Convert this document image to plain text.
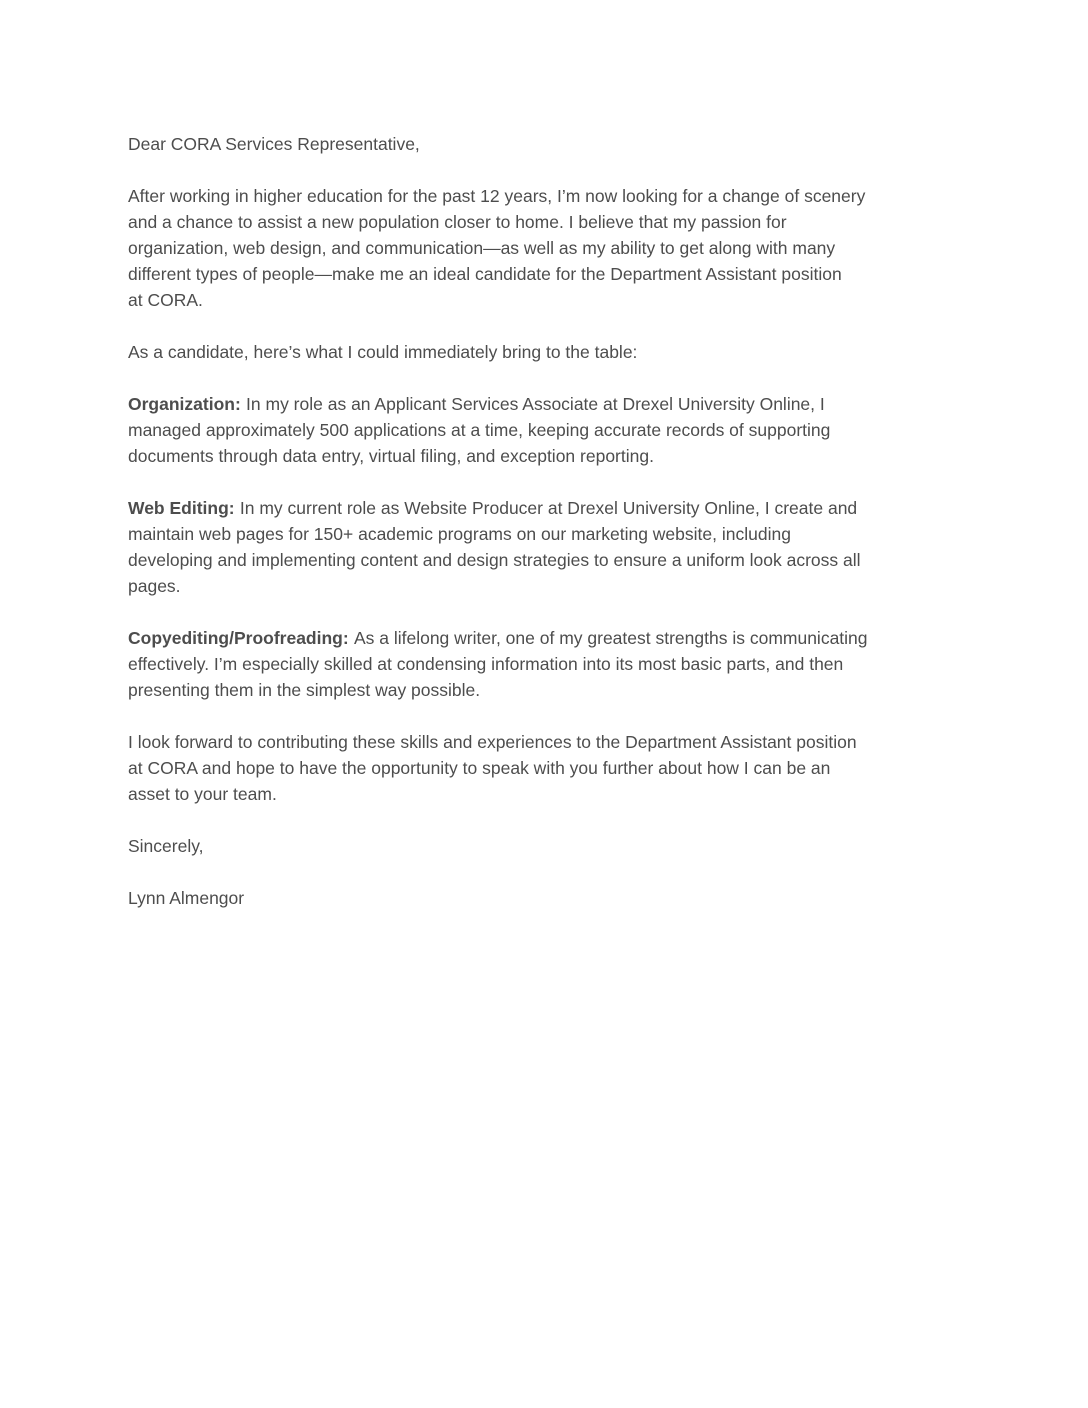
Dear CORA Services Representative,

After working in higher education for the past 12 years, I’m now looking for a change of scenery
and a chance to assist a new population closer to home. I believe that my passion for
organization, web design, and communication—as well as my ability to get along with many
different types of people—make me an ideal candidate for the Department Assistant position
at CORA.

As a candidate, here’s what I could immediately bring to the table:

Organization: In my role as an Applicant Services Associate at Drexel University Online, I
managed approximately 500 applications at a time, keeping accurate records of supporting
documents through data entry, virtual filing, and exception reporting.

Web Editing: In my current role as Website Producer at Drexel University Online, I create and
maintain web pages for 150+ academic programs on our marketing website, including
developing and implementing content and design strategies to ensure a uniform look across all
pages.

Copyediting/Proofreading: As a lifelong writer, one of my greatest strengths is communicating
effectively. I’m especially skilled at condensing information into its most basic parts, and then
presenting them in the simplest way possible.

I look forward to contributing these skills and experiences to the Department Assistant position
at CORA and hope to have the opportunity to speak with you further about how I can be an
asset to your team.

Sincerely,

Lynn Almengor
